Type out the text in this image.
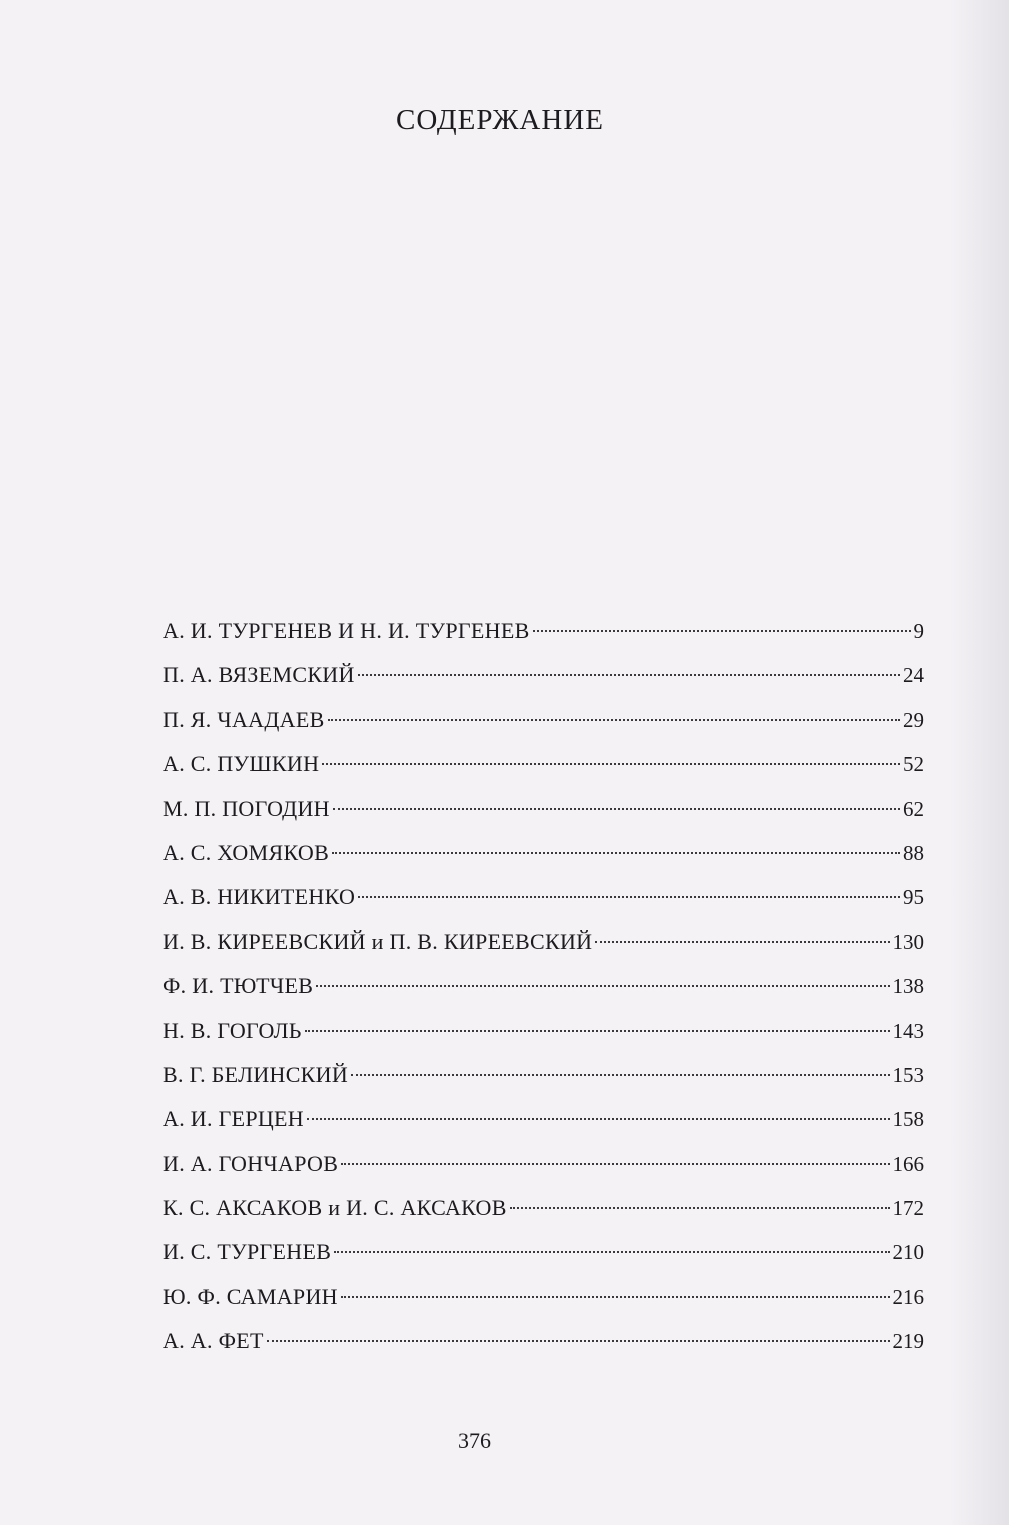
СОДЕРЖАНИЕ
А. И. ТУРГЕНЕВ И Н. И. ТУРГЕНЕВ	9
П. А. ВЯЗЕМСКИЙ	24
П. Я. ЧААДАЕВ	29
А. С. ПУШКИН	52
М. П. ПОГОДИН	62
А. С. ХОМЯКОВ	88
А. В. НИКИТЕНКО	95
И. В. КИРЕЕВСКИЙ и П. В. КИРЕЕВСКИЙ	130
Ф. И. ТЮТЧЕВ	138
Н. В. ГОГОЛЬ	143
В. Г. БЕЛИНСКИЙ	153
А. И. ГЕРЦЕН	158
И. А. ГОНЧАРОВ	166
К. С. АКСАКОВ и И. С. АКСАКОВ	172
И. С. ТУРГЕНЕВ	210
Ю. Ф. САМАРИН	216
А. А. ФЕТ	219
376
